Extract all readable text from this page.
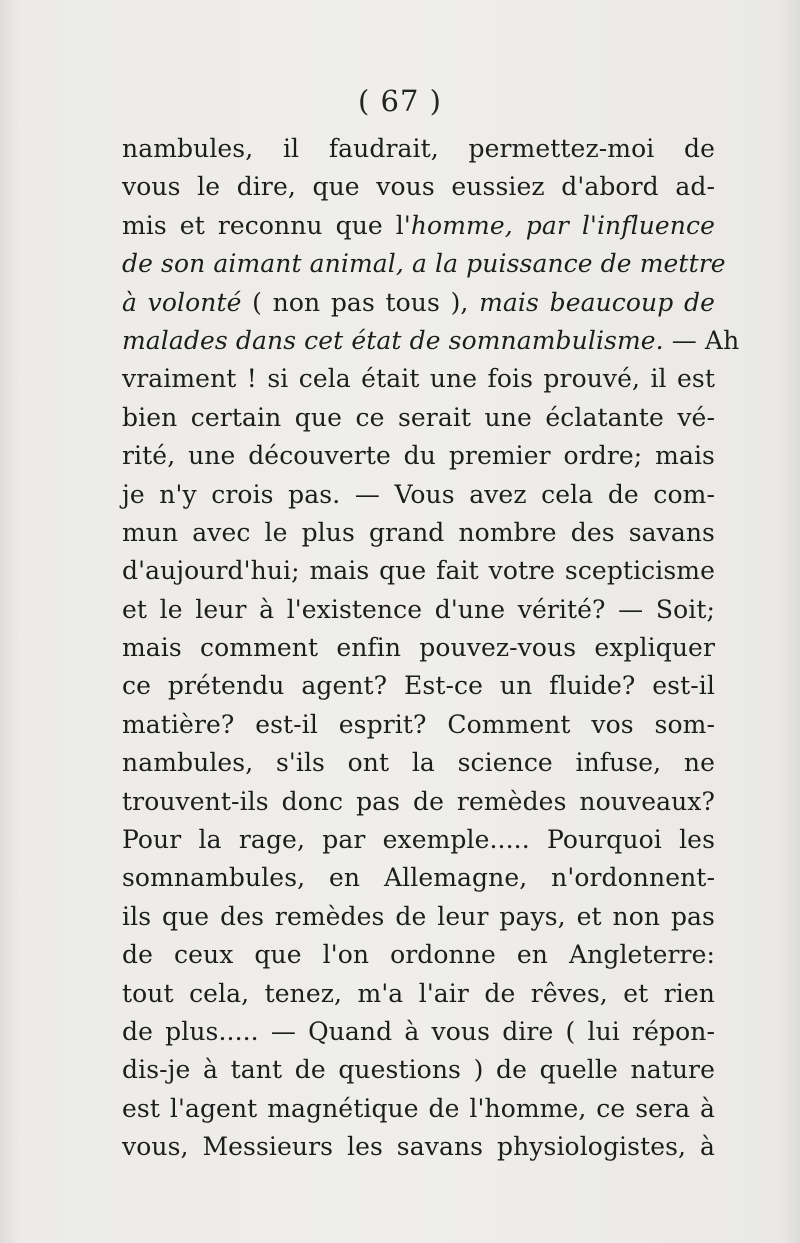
( 67 )
nambules, il faudrait, permettez-moi de
vous le dire, que vous eussiez d'abord ad-
mis et reconnu que l'homme, par l'influence
de son aimant animal, a la puissance de mettre
à volonté ( non pas tous ), mais beaucoup de
malades dans cet état de somnambulisme. — Ah
vraiment ! si cela était une fois prouvé, il est
bien certain que ce serait une éclatante vé-
rité, une découverte du premier ordre; mais
je n'y crois pas. — Vous avez cela de com-
mun avec le plus grand nombre des savans
d'aujourd'hui; mais que fait votre scepticisme
et le leur à l'existence d'une vérité? — Soit;
mais comment enfin pouvez-vous expliquer
ce prétendu agent? Est-ce un fluide? est-il
matière? est-il esprit? Comment vos som-
nambules, s'ils ont la science infuse, ne
trouvent-ils donc pas de remèdes nouveaux?
Pour la rage, par exemple..... Pourquoi les
somnambules, en Allemagne, n'ordonnent-
ils que des remèdes de leur pays, et non pas
de ceux que l'on ordonne en Angleterre:
tout cela, tenez, m'a l'air de rêves, et rien
de plus..... — Quand à vous dire ( lui répon-
dis-je à tant de questions ) de quelle nature
est l'agent magnétique de l'homme, ce sera à
vous, Messieurs les savans physiologistes, à
